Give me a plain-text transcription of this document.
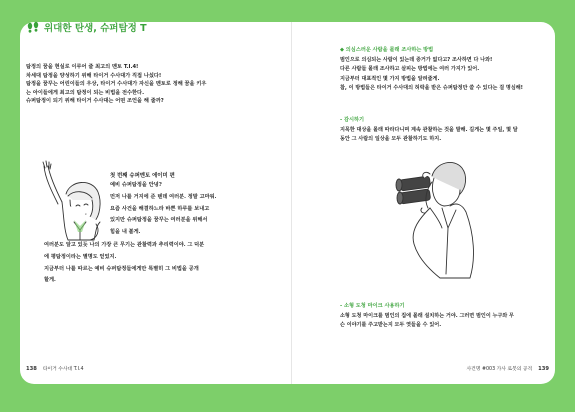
위대한 탄생, 슈퍼탐정 T

탐정의 꿈을 현실로 이루어 줄 최고의 멘토 T.I.4!

차세대 탐정을 양성하기 위해 타이거 수사대가 직접 나섰다!

탐정을 꿈꾸는 어린이들의 우상, 타이거 수사대가 자신을 멘토로 정해 꿈을 키우

는 아이들에게 최고의 탐정이 되는 비법을 전수한다.

슈퍼탐정이 되기 위해 타이거 수사대는 어떤 조언을 해 줄까?

첫 번째 슈퍼멘토 에이미 편

예비 슈퍼탐정을 안녕?

먼저 나를 거지에 준 텐데 여러분. 정말 고마워.

요즘 사건을 해결하느라 바쁜 하루를 보내고

있지만 슈퍼탐정을 꿈꾸는 여러분을 위해서

힘을 내 볼게.

여러분도 알고 있듯 나의 가장 큰 무기는 관찰력과 추리력이야. 그 덕분

에 평탐정이라는 별명도 얻었지.

지금부터 나를 따르는 예비 슈퍼탐정들에게만 특별히 그 비법을 공개

할게.

138 타이거 수사대 T.I.4
◆ 의심스러운 사람을 몰래 조사하는 방법

범인으로 의심되는 사람이 있는데 증거가 없다고? 조사하면 다 나와!

다른 사람들 몰래 조사하고 살피는 방법에는 여러 가지가 있어.

지금부터 대표적인 몇 가지 방법을 알려줄게.

참, 이 방법들은 타이거 수사대의 허락을 받은 슈퍼탐정만 쓸 수 있다는 걸 명심해!

- 감시하기

지목한 대상을 몰래 따라다니며 계속 관찰하는 것을 말해. 길게는 몇 주일, 몇 달

동안 그 사람의 일상을 모두 관찰하기도 하지.

- 소형 도청 마이크 사용하기

소형 도청 마이크를 범인의 집에 몰래 설치하는 거야. 그러면 범인이 누구와 무

슨 이야기를 주고받는지 모두 엿들을 수 있어.

사건명 #003 가사 로봇의 공격 139
